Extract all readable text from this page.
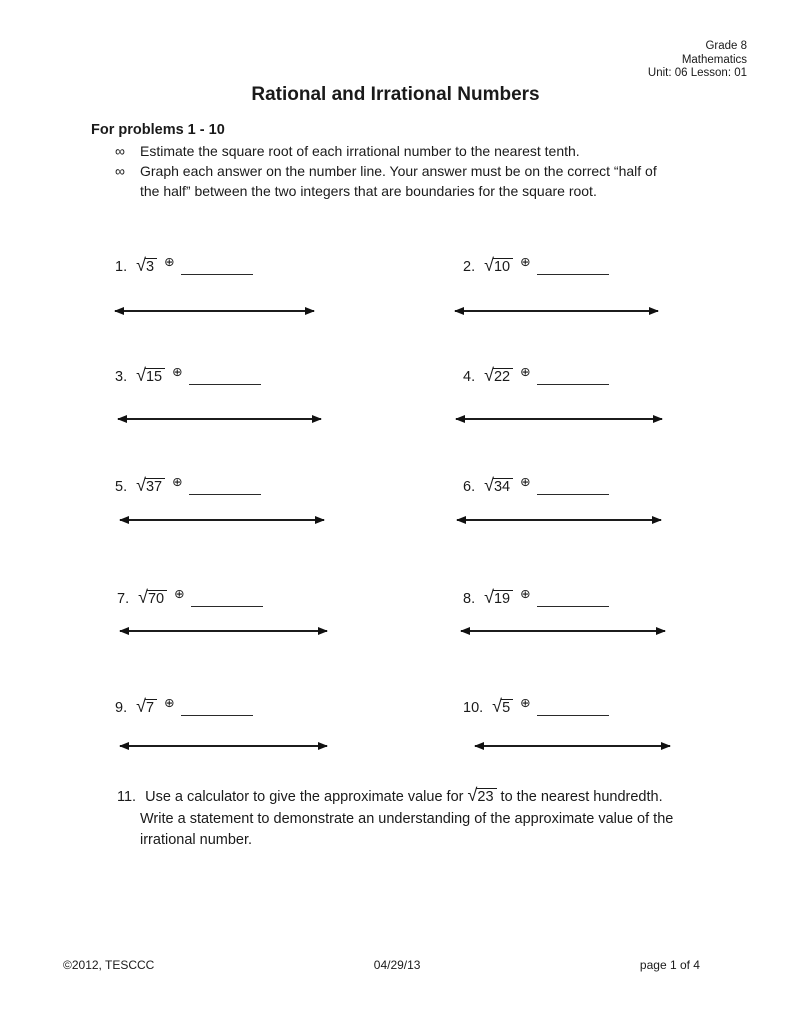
Grade 8
Mathematics
Unit: 06 Lesson: 01
Rational and Irrational Numbers
For problems 1 - 10
∞	Estimate the square root of each irrational number to the nearest tenth.
∞	Graph each answer on the number line. Your answer must be on the correct “half of the half” between the two integers that are boundaries for the square root.
1. √3 ⊕	2. √10 ⊕
3. √15 ⊕	4. √22 ⊕
5. √37 ⊕	6. √34 ⊕
7. √70 ⊕	8. √19 ⊕
9. √7 ⊕	10. √5 ⊕
11. Use a calculator to give the approximate value for √23 to the nearest hundredth.  Write a statement to demonstrate an understanding of the approximate value of the irrational number.
©2012, TESCCC	04/29/13	page 1 of 4
